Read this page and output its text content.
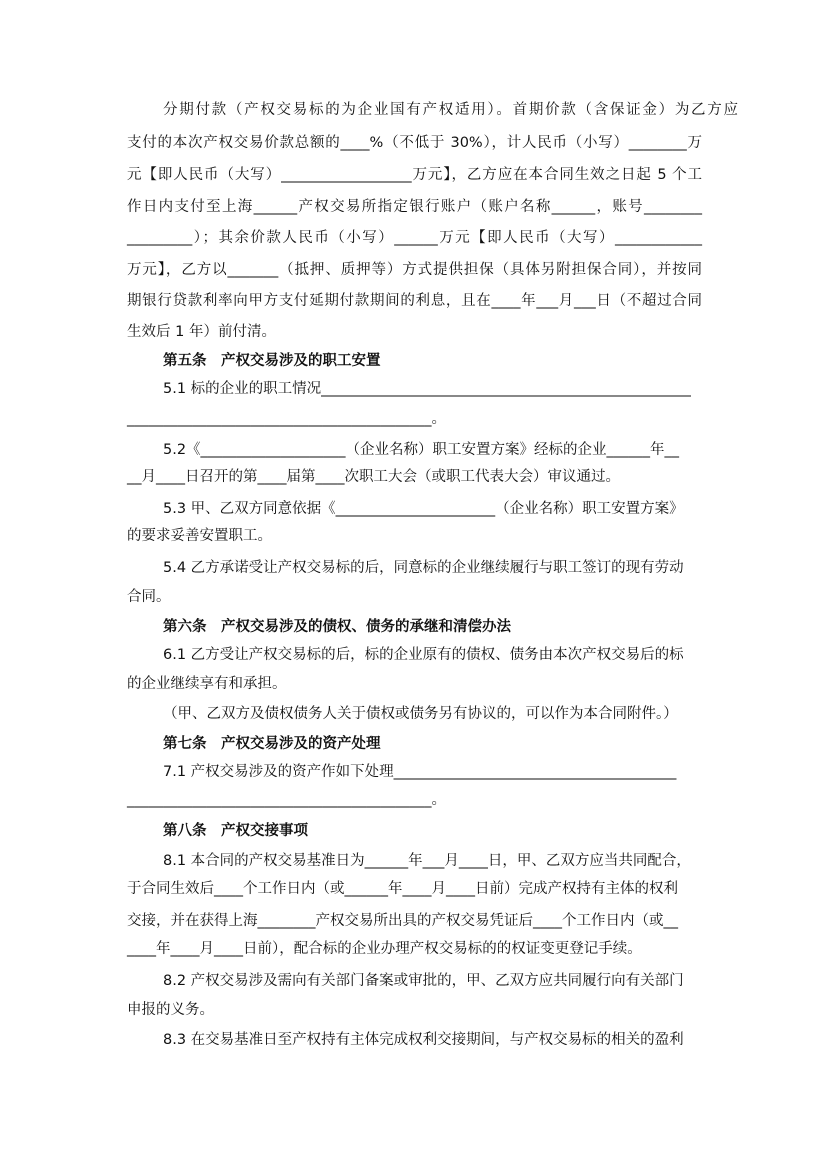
分期付款（产权交易标的为企业国有产权适用）。首期价款（含保证金）为乙方应
支付的本次产权交易价款总额的____%（不低于 30%），计人民币（小写）________万
元【即人民币（大写）__________________万元】，乙方应在本合同生效之日起 5 个工
作日内支付至上海______产权交易所指定银行账户（账户名称______，账号________
_________）；其余价款人民币（小写）______万元【即人民币（大写）____________
万元】，乙方以_______（抵押、质押等）方式提供担保（具体另附担保合同），并按同
期银行贷款利率向甲方支付延期付款期间的利息，且在____年___月___日（不超过合同
生效后 1 年）前付清。
第五条　产权交易涉及的职工安置
5.1 标的企业的职工情况___________________________________________________
__________________________________________。
5.2《____________________（企业名称）职工安置方案》经标的企业______年__
__月____日召开的第____届第____次职工大会（或职工代表大会）审议通过。
5.3 甲、乙双方同意依据《______________________（企业名称）职工安置方案》
的要求妥善安置职工。
5.4 乙方承诺受让产权交易标的后，同意标的企业继续履行与职工签订的现有劳动
合同。
第六条　产权交易涉及的债权、债务的承继和清偿办法
6.1 乙方受让产权交易标的后，标的企业原有的债权、债务由本次产权交易后的标
的企业继续享有和承担。
（甲、乙双方及债权债务人关于债权或债务另有协议的，可以作为本合同附件。）
第七条　产权交易涉及的资产处理
7.1 产权交易涉及的资产作如下处理_______________________________________
__________________________________________。
第八条　产权交接事项
8.1 本合同的产权交易基准日为______年___月____日，甲、乙双方应当共同配合，
于合同生效后____个工作日内（或______年____月____日前）完成产权持有主体的权利
交接，并在获得上海________产权交易所出具的产权交易凭证后____个工作日内（或__
____年____月____日前），配合标的企业办理产权交易标的的权证变更登记手续。
8.2 产权交易涉及需向有关部门备案或审批的，甲、乙双方应共同履行向有关部门
申报的义务。
8.3 在交易基准日至产权持有主体完成权利交接期间，与产权交易标的相关的盈利
